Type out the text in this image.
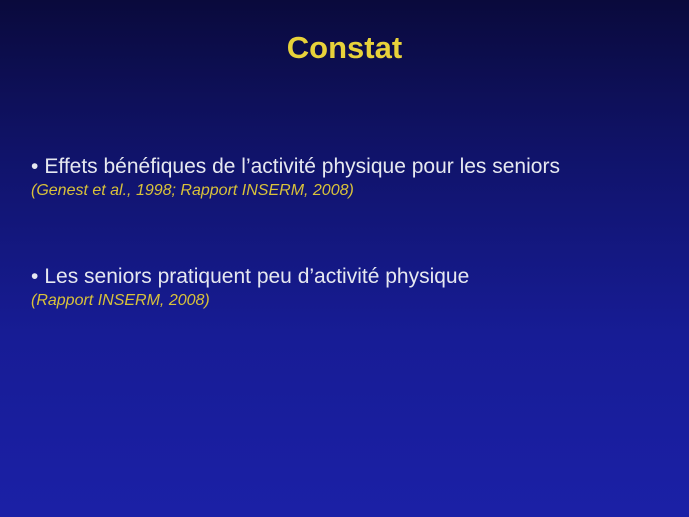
Constat
• Effets bénéfiques de l’activité physique pour les seniors
(Genest et al., 1998; Rapport INSERM, 2008)
• Les seniors pratiquent peu d’activité physique
(Rapport INSERM, 2008)
